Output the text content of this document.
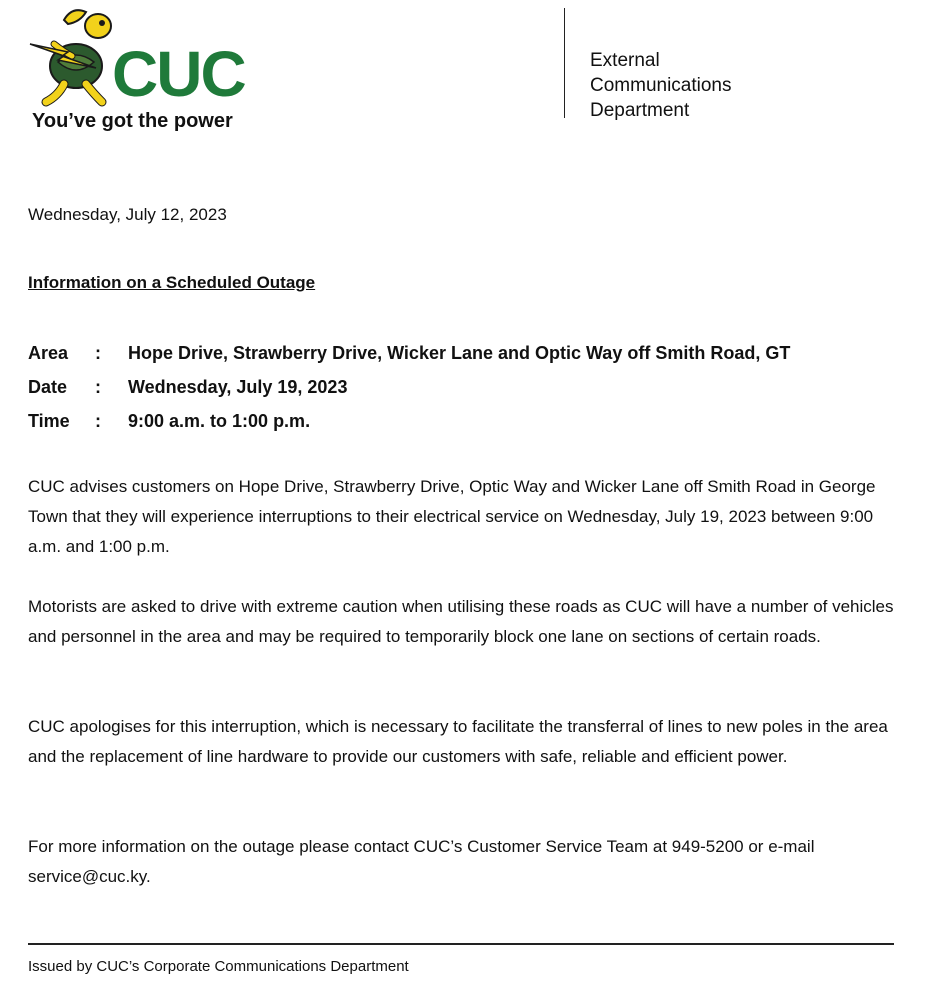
CUC
You’ve got the power
External
Communications
Department
Wednesday, July 12, 2023
Information on a Scheduled Outage
Area : Hope Drive, Strawberry Drive, Wicker Lane and Optic Way off Smith Road, GT
Date : Wednesday, July 19, 2023
Time : 9:00 a.m. to 1:00 p.m.
CUC advises customers on Hope Drive, Strawberry Drive, Optic Way and Wicker Lane off Smith Road in George Town that they will experience interruptions to their electrical service on Wednesday, July 19, 2023 between 9:00 a.m. and 1:00 p.m.
Motorists are asked to drive with extreme caution when utilising these roads as CUC will have a number of vehicles and personnel in the area and may be required to temporarily block one lane on sections of certain roads.
CUC apologises for this interruption, which is necessary to facilitate the transferral of lines to new poles in the area and the replacement of line hardware to provide our customers with safe, reliable and efficient power.
For more information on the outage please contact CUC’s Customer Service Team at 949-5200 or e-mail service@cuc.ky.
Issued by CUC’s Corporate Communications Department
